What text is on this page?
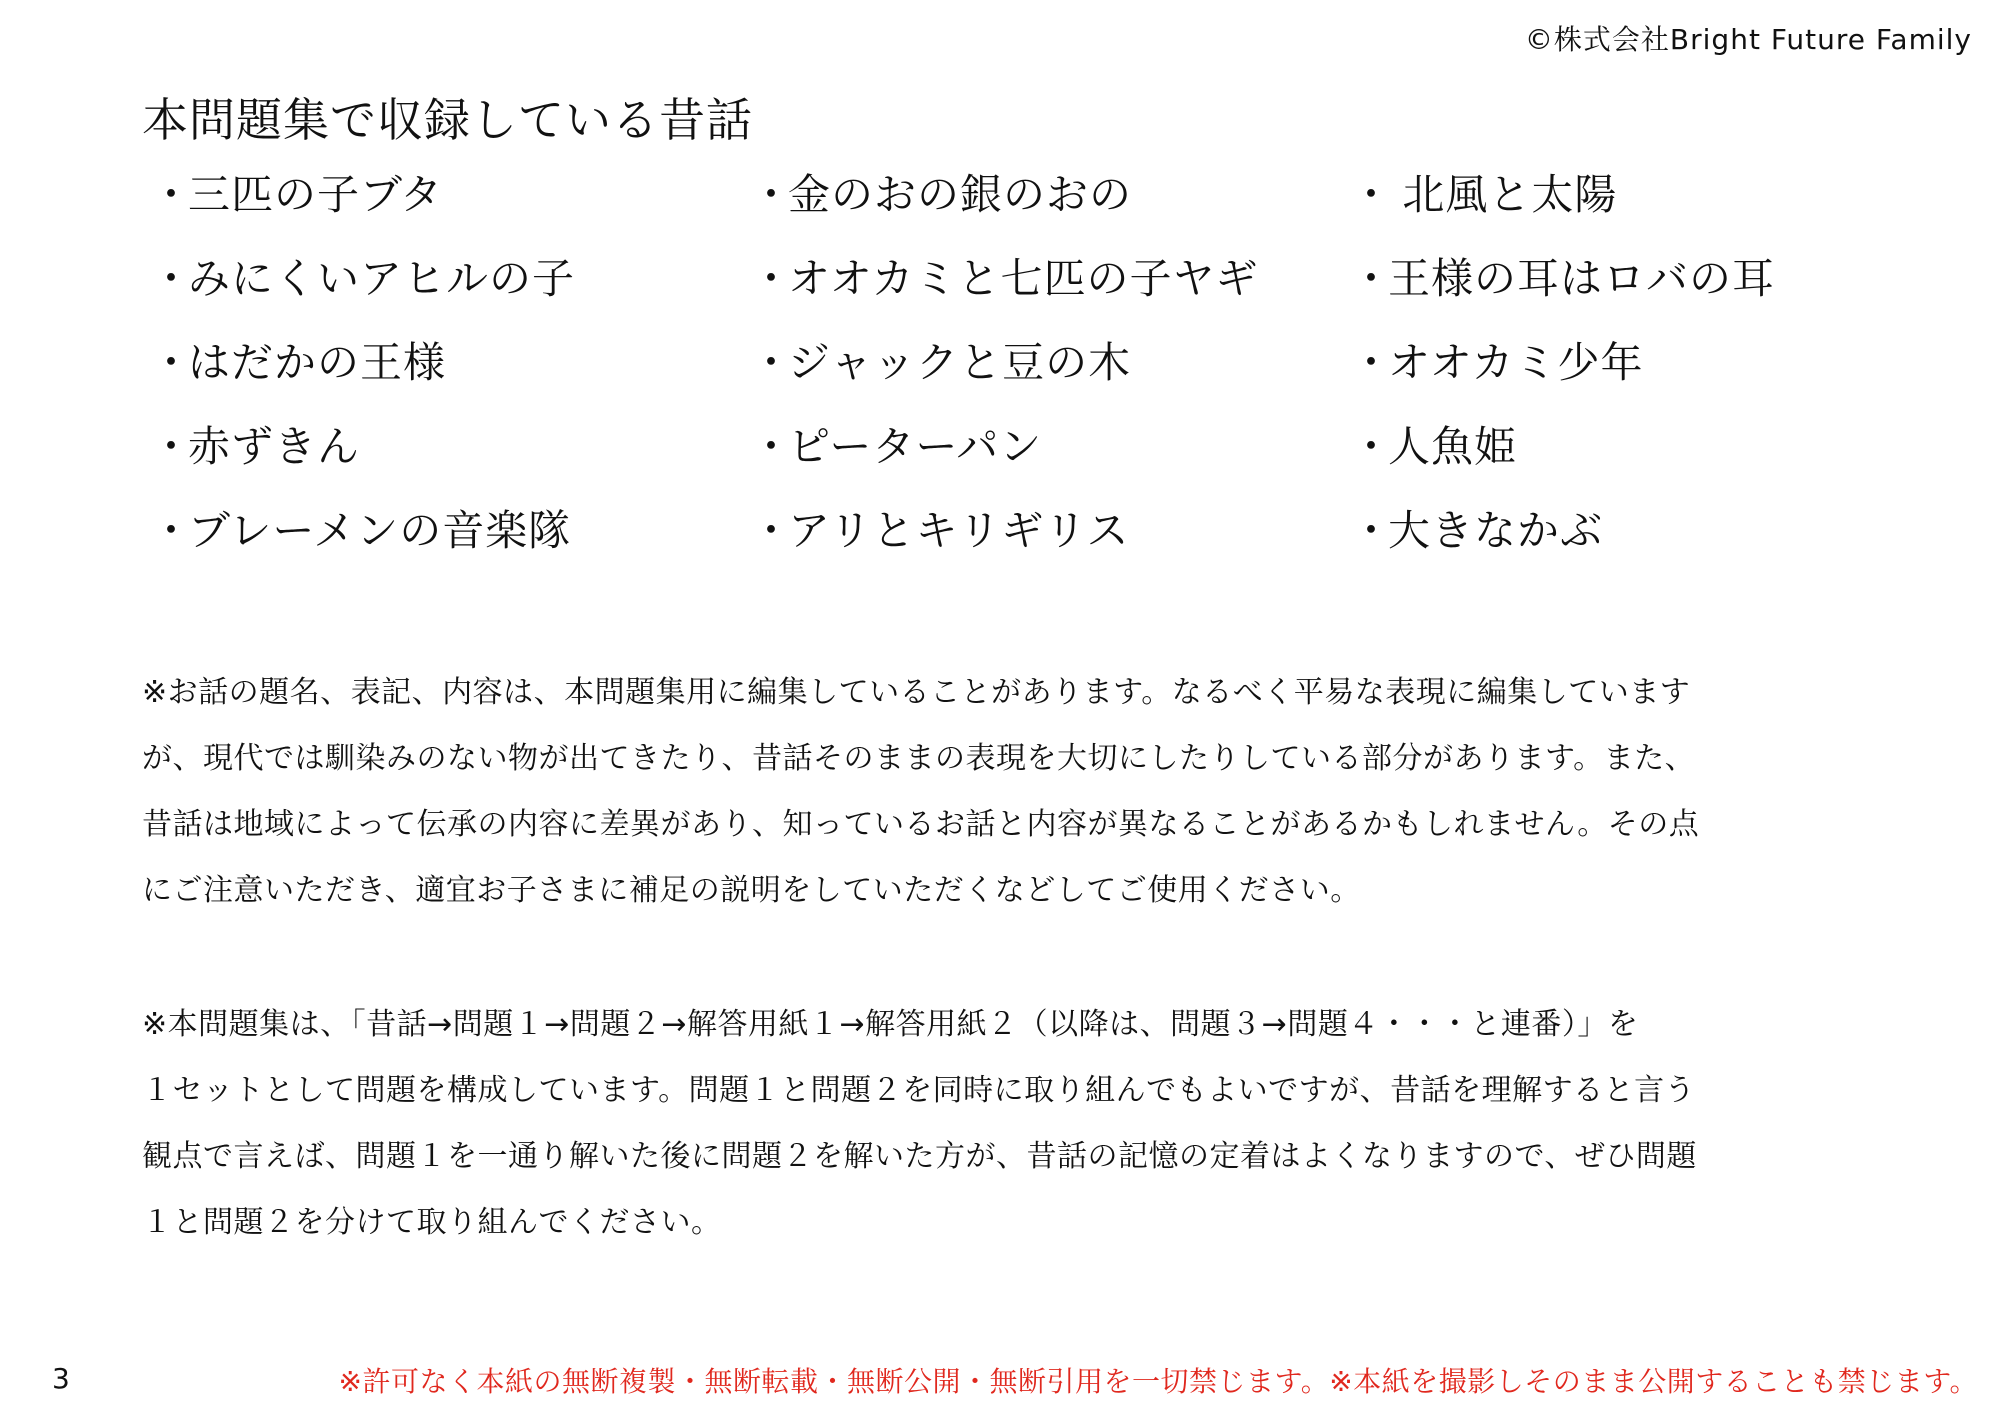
©株式会社Bright Future Family
本問題集で収録している昔話
・三匹の子ブタ	・金のおの銀のおの	・ 北風と太陽
・みにくいアヒルの子	・オオカミと七匹の子ヤギ	・王様の耳はロバの耳
・はだかの王様	・ジャックと豆の木	・オオカミ少年
・赤ずきん	・ピーターパン	・人魚姫
・ブレーメンの音楽隊	・アリとキリギリス	・大きなかぶ

※お話の題名、表記、内容は、本問題集用に編集していることがあります。なるべく平易な表現に編集しています

が、現代では馴染みのない物が出てきたり、昔話そのままの表現を大切にしたりしている部分があります。また、

昔話は地域によって伝承の内容に差異があり、知っているお話と内容が異なることがあるかもしれません。その点

にご注意いただき、適宜お子さまに補足の説明をしていただくなどしてご使用ください。

※本問題集は、「昔話→問題１→問題２→解答用紙１→解答用紙２（以降は、問題３→問題４・・・と連番）」を

１セットとして問題を構成しています。問題１と問題２を同時に取り組んでもよいですが、昔話を理解すると言う

観点で言えば、問題１を一通り解いた後に問題２を解いた方が、昔話の記憶の定着はよくなりますので、ぜひ問題

１と問題２を分けて取り組んでください。

3	※許可なく本紙の無断複製・無断転載・無断公開・無断引用を一切禁じます。※本紙を撮影しそのまま公開することも禁じます。
